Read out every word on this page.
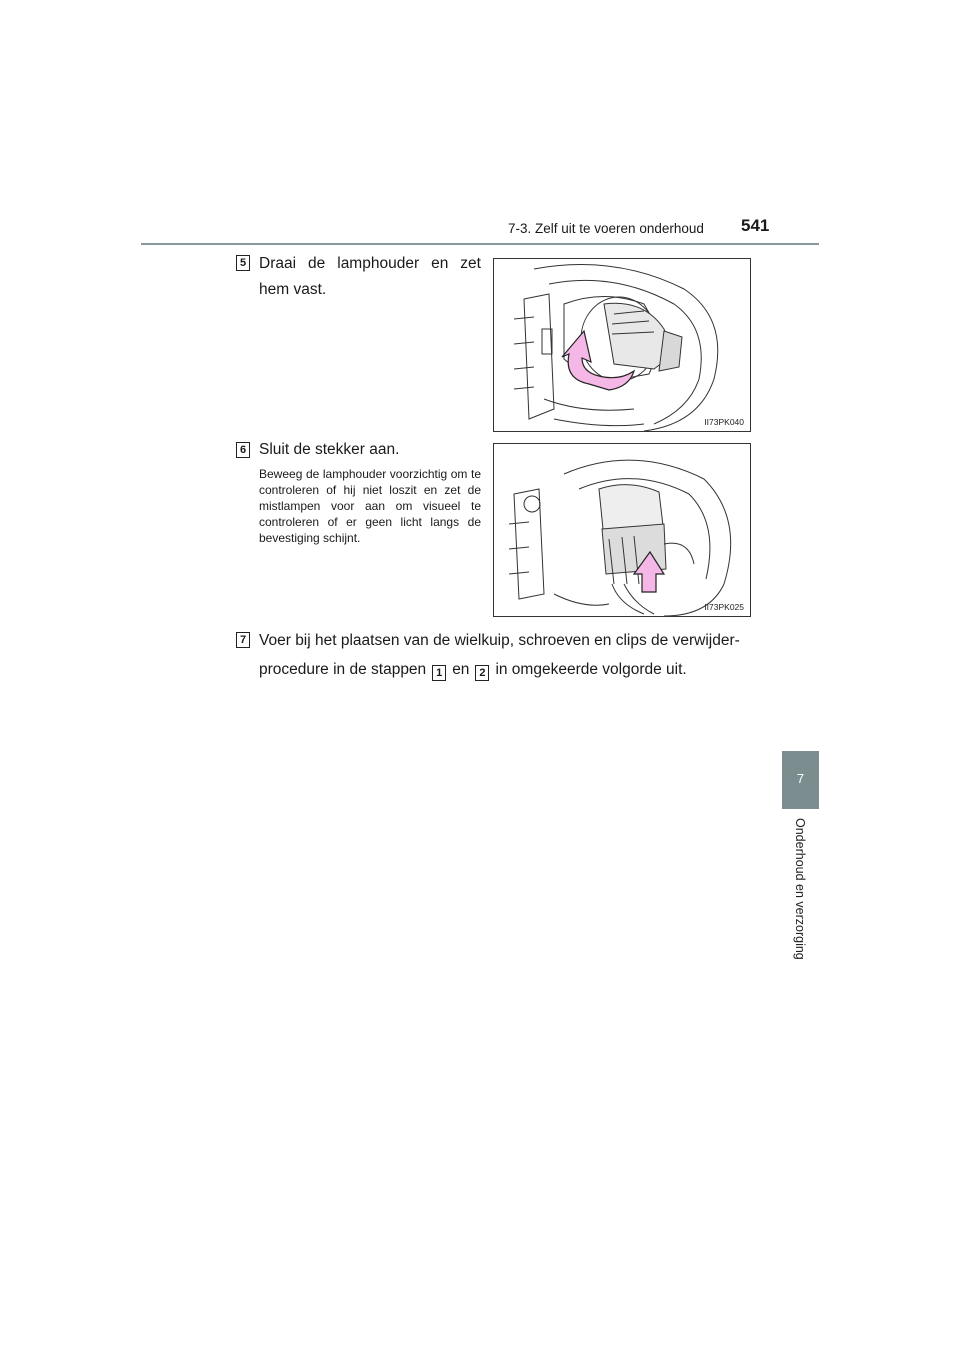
7-3. Zelf uit te voeren onderhoud 541
7
Onderhoud en verzorging
5 Draai de lamphouder en zet hem vast.
II73PK040
6 Sluit de stekker aan.
Beweeg de lamphouder voorzichtig om te controleren of hij niet loszit en zet de mistlampen voor aan om visueel te controleren of er geen licht langs de bevestiging schijnt.
II73PK025
7 Voer bij het plaatsen van de wielkuip, schroeven en clips de verwijder-
procedure in de stappen 1 en 2 in omgekeerde volgorde uit.
